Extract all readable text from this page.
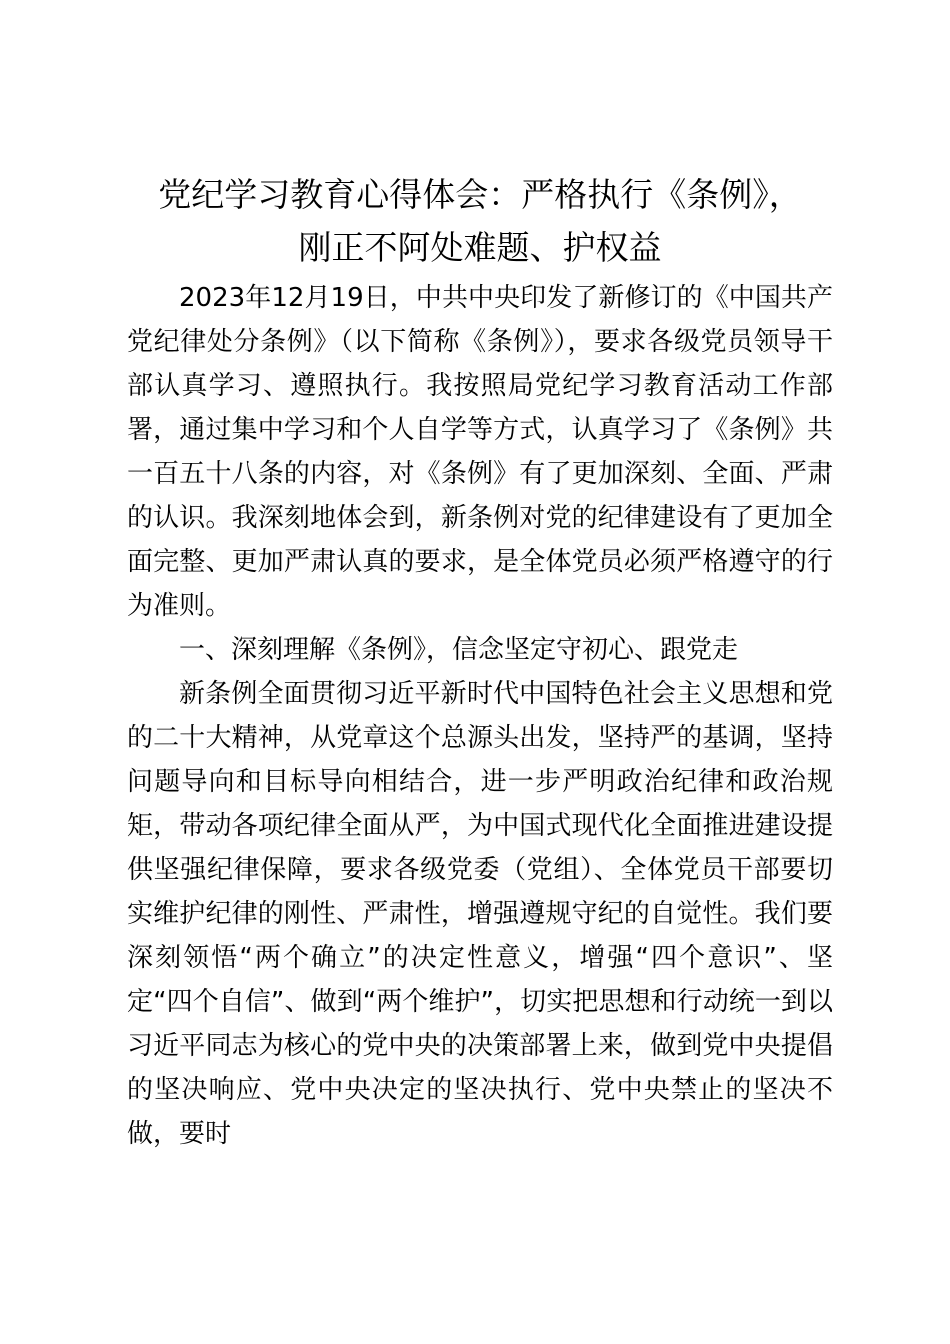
党纪学习教育心得体会：严格执行《条例》，
刚正不阿处难题、护权益

2023年12月19日，中共中央印发了新修订的《中国共产党纪律处分条例》（以下简称《条例》），要求各级党员领导干部认真学习、遵照执行。我按照局党纪学习教育活动工作部署，通过集中学习和个人自学等方式，认真学习了《条例》共一百五十八条的内容，对《条例》有了更加深刻、全面、严肃的认识。我深刻地体会到，新条例对党的纪律建设有了更加全面完整、更加严肃认真的要求，是全体党员必须严格遵守的行为准则。

一、深刻理解《条例》，信念坚定守初心、跟党走

新条例全面贯彻习近平新时代中国特色社会主义思想和党的二十大精神，从党章这个总源头出发，坚持严的基调，坚持问题导向和目标导向相结合，进一步严明政治纪律和政治规矩，带动各项纪律全面从严，为中国式现代化全面推进建设提供坚强纪律保障，要求各级党委（党组）、全体党员干部要切实维护纪律的刚性、严肃性，增强遵规守纪的自觉性。我们要深刻领悟“两个确立”的决定性意义，增强“四个意识”、坚定“四个自信”、做到“两个维护”，切实把思想和行动统一到以习近平同志为核心的党中央的决策部署上来，做到党中央提倡的坚决响应、党中央决定的坚决执行、党中央禁止的坚决不做，要时
